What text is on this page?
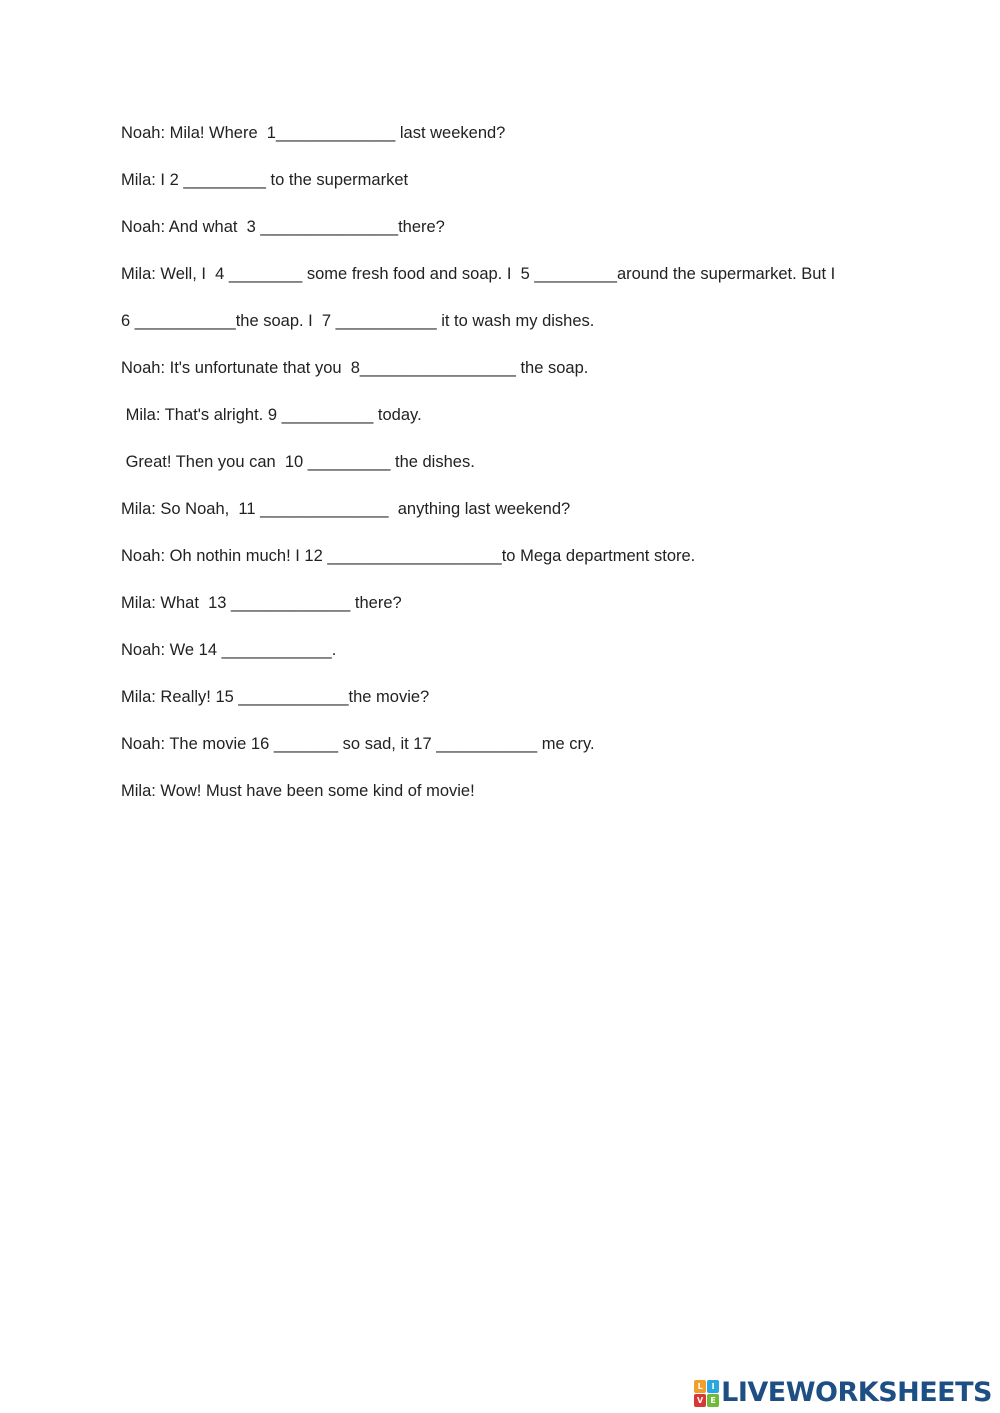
Noah: Mila! Where  1_____________ last weekend?
Mila: I 2 _________ to the supermarket
Noah: And what  3 _______________there?
Mila: Well, I  4 ________ some fresh food and soap. I  5 _________around the supermarket. But I
6 ___________the soap. I  7 ___________ it to wash my dishes.
Noah: It's unfortunate that you  8_________________ the soap.
Mila: That's alright. 9 __________ today.
Great! Then you can  10 _________ the dishes.
Mila: So Noah,  11 ______________  anything last weekend?
Noah: Oh nothin much! I 12 ___________________to Mega department store.
Mila: What  13 _____________ there?
Noah: We 14 ____________.
Mila: Really! 15 ____________the movie?
Noah: The movie 16 _______ so sad, it 17 ___________ me cry.
Mila: Wow! Must have been some kind of movie!
L	I
V E LIVEWORKSHEETS
